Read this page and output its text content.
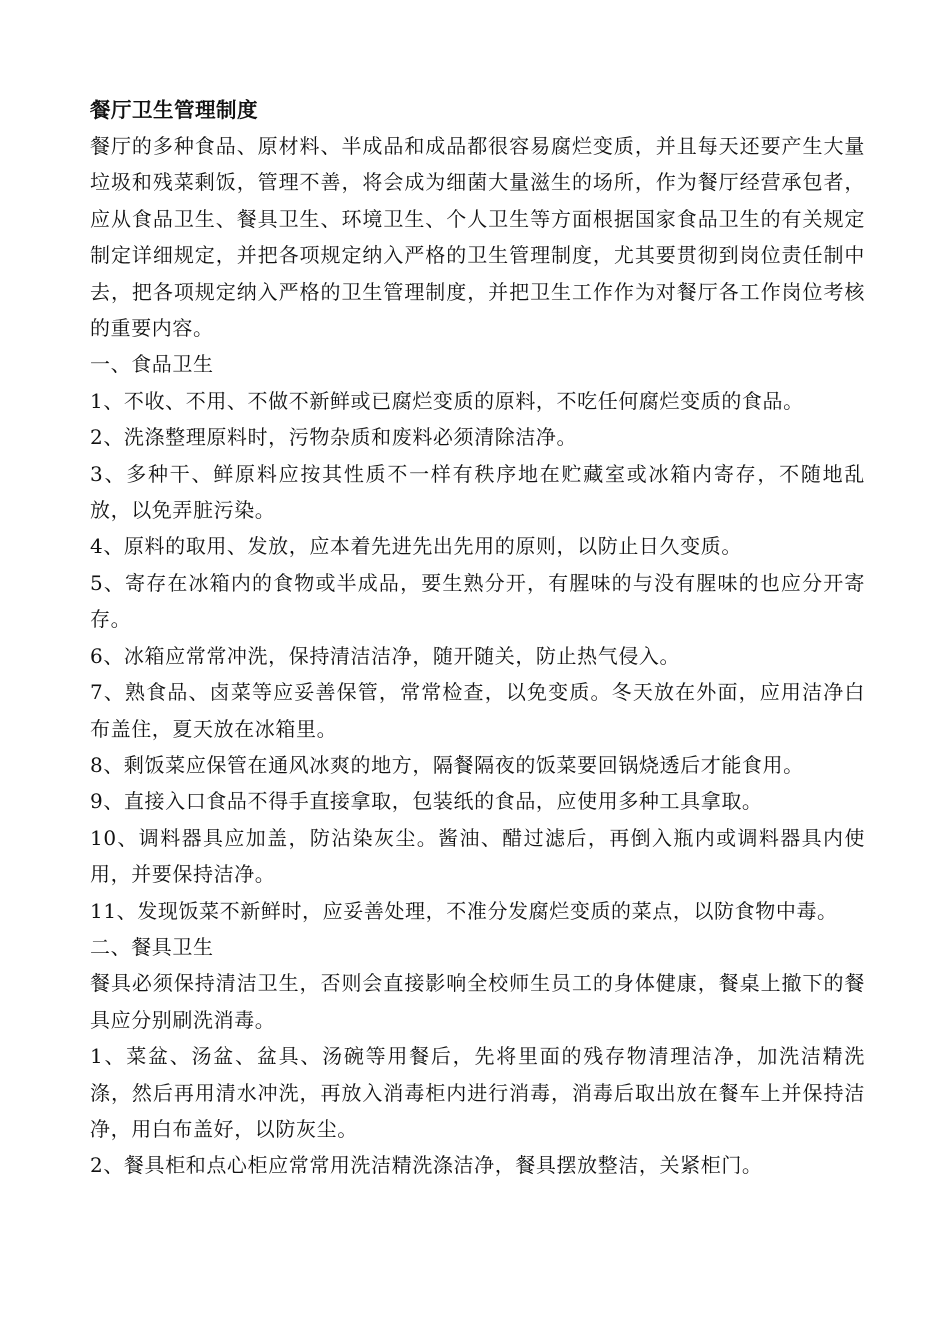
餐厅卫生管理制度

餐厅的多种食品、原材料、半成品和成品都很容易腐烂变质，并且每天还要产生大量垃圾和残菜剩饭，管理不善，将会成为细菌大量滋生的场所，作为餐厅经营承包者，应从食品卫生、餐具卫生、环境卫生、个人卫生等方面根据国家食品卫生的有关规定制定详细规定，并把各项规定纳入严格的卫生管理制度，尤其要贯彻到岗位责任制中去，把各项规定纳入严格的卫生管理制度，并把卫生工作作为对餐厅各工作岗位考核的重要内容。

一、食品卫生

1、不收、不用、不做不新鲜或已腐烂变质的原料，不吃任何腐烂变质的食品。

2、洗涤整理原料时，污物杂质和废料必须清除洁净。

3、多种干、鲜原料应按其性质不一样有秩序地在贮藏室或冰箱内寄存，不随地乱放，以免弄脏污染。

4、原料的取用、发放，应本着先进先出先用的原则，以防止日久变质。

5、寄存在冰箱内的食物或半成品，要生熟分开，有腥味的与没有腥味的也应分开寄存。

6、冰箱应常常冲洗，保持清洁洁净，随开随关，防止热气侵入。

7、熟食品、卤菜等应妥善保管，常常检查，以免变质。冬天放在外面，应用洁净白布盖住，夏天放在冰箱里。

8、剩饭菜应保管在通风冰爽的地方，隔餐隔夜的饭菜要回锅烧透后才能食用。

9、直接入口食品不得手直接拿取，包装纸的食品，应使用多种工具拿取。

10、调料器具应加盖，防沾染灰尘。酱油、醋过滤后，再倒入瓶内或调料器具内使用，并要保持洁净。

11、发现饭菜不新鲜时，应妥善处理，不准分发腐烂变质的菜点，以防食物中毒。

二、餐具卫生

餐具必须保持清洁卫生，否则会直接影响全校师生员工的身体健康，餐桌上撤下的餐具应分别刷洗消毒。

1、菜盆、汤盆、盆具、汤碗等用餐后，先将里面的残存物清理洁净，加洗洁精洗涤，然后再用清水冲洗，再放入消毒柜内进行消毒，消毒后取出放在餐车上并保持洁净，用白布盖好，以防灰尘。

2、餐具柜和点心柜应常常用洗洁精洗涤洁净，餐具摆放整洁，关紧柜门。
